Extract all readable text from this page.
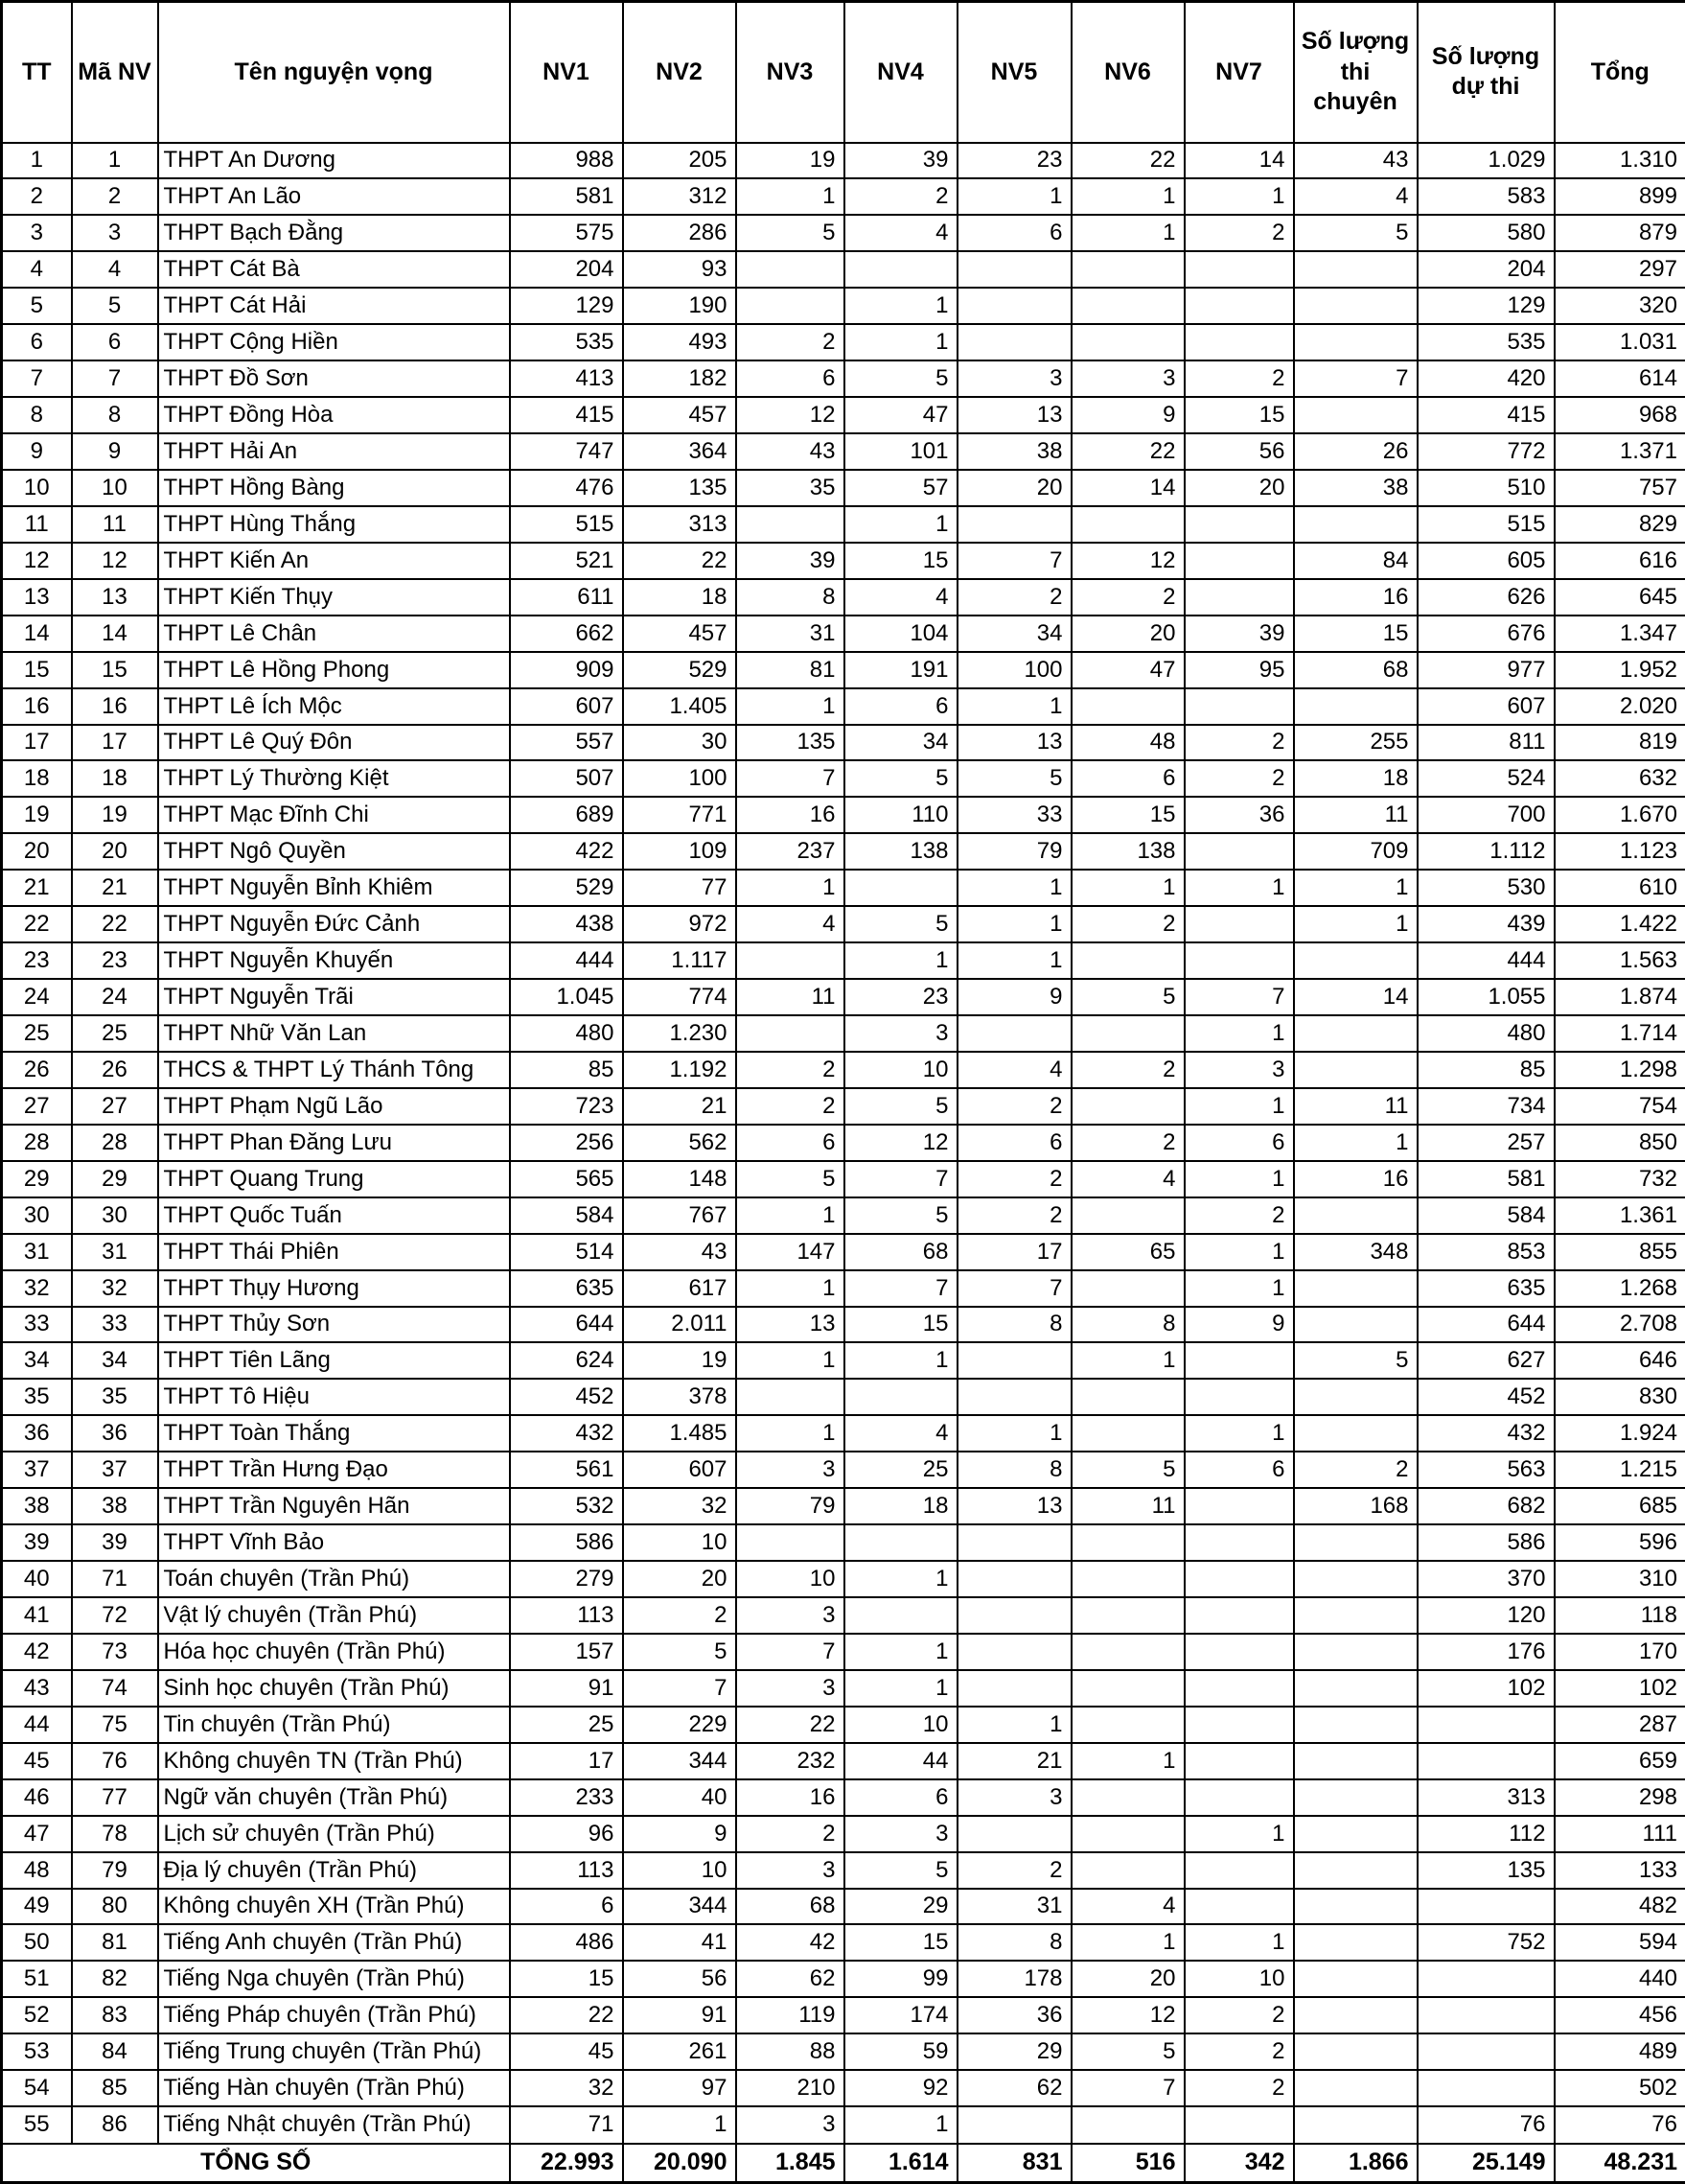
TT	Mã NV	Tên nguyện vọng	NV1	NV2	NV3	NV4	NV5	NV6	NV7	Số lượng thi chuyên	Số lượng dự thi	Tổng
1	1	THPT An Dương	988	205	19	39	23	22	14	43	1.029	1.310
2	2	THPT An Lão	581	312	1	2	1	1	1	4	583	899
3	3	THPT Bạch Đằng	575	286	5	4	6	1	2	5	580	879
4	4	THPT Cát Bà	204	93							204	297
5	5	THPT Cát Hải	129	190		1					129	320
6	6	THPT Cộng Hiền	535	493	2	1					535	1.031
7	7	THPT Đồ Sơn	413	182	6	5	3	3	2	7	420	614
8	8	THPT Đồng Hòa	415	457	12	47	13	9	15		415	968
9	9	THPT Hải An	747	364	43	101	38	22	56	26	772	1.371
10	10	THPT Hồng Bàng	476	135	35	57	20	14	20	38	510	757
11	11	THPT Hùng Thắng	515	313		1					515	829
12	12	THPT Kiến An	521	22	39	15	7	12		84	605	616
13	13	THPT Kiến Thụy	611	18	8	4	2	2		16	626	645
14	14	THPT Lê Chân	662	457	31	104	34	20	39	15	676	1.347
15	15	THPT Lê Hồng Phong	909	529	81	191	100	47	95	68	977	1.952
16	16	THPT Lê Ích Mộc	607	1.405	1	6	1				607	2.020
17	17	THPT Lê Quý Đôn	557	30	135	34	13	48	2	255	811	819
18	18	THPT Lý Thường Kiệt	507	100	7	5	5	6	2	18	524	632
19	19	THPT Mạc Đĩnh Chi	689	771	16	110	33	15	36	11	700	1.670
20	20	THPT Ngô Quyền	422	109	237	138	79	138		709	1.112	1.123
21	21	THPT Nguyễn Bỉnh Khiêm	529	77	1		1	1	1	1	530	610
22	22	THPT Nguyễn Đức Cảnh	438	972	4	5	1	2		1	439	1.422
23	23	THPT Nguyễn Khuyến	444	1.117		1	1				444	1.563
24	24	THPT Nguyễn Trãi	1.045	774	11	23	9	5	7	14	1.055	1.874
25	25	THPT Nhữ Văn Lan	480	1.230		3			1		480	1.714
26	26	THCS & THPT Lý Thánh Tông	85	1.192	2	10	4	2	3		85	1.298
27	27	THPT Phạm Ngũ Lão	723	21	2	5	2		1	11	734	754
28	28	THPT Phan Đăng Lưu	256	562	6	12	6	2	6	1	257	850
29	29	THPT Quang Trung	565	148	5	7	2	4	1	16	581	732
30	30	THPT Quốc Tuấn	584	767	1	5	2		2		584	1.361
31	31	THPT Thái Phiên	514	43	147	68	17	65	1	348	853	855
32	32	THPT Thụy Hương	635	617	1	7	7		1		635	1.268
33	33	THPT Thủy Sơn	644	2.011	13	15	8	8	9		644	2.708
34	34	THPT Tiên Lãng	624	19	1	1		1		5	627	646
35	35	THPT Tô Hiệu	452	378							452	830
36	36	THPT Toàn Thắng	432	1.485	1	4	1		1		432	1.924
37	37	THPT Trần Hưng Đạo	561	607	3	25	8	5	6	2	563	1.215
38	38	THPT Trần Nguyên Hãn	532	32	79	18	13	11		168	682	685
39	39	THPT Vĩnh Bảo	586	10							586	596
40	71	Toán chuyên (Trần Phú)	279	20	10	1					370	310
41	72	Vật lý chuyên (Trần Phú)	113	2	3						120	118
42	73	Hóa học chuyên (Trần Phú)	157	5	7	1					176	170
43	74	Sinh học chuyên (Trần Phú)	91	7	3	1					102	102
44	75	Tin chuyên (Trần Phú)	25	229	22	10	1					287
45	76	Không chuyên TN (Trần Phú)	17	344	232	44	21	1				659
46	77	Ngữ văn chuyên (Trần Phú)	233	40	16	6	3				313	298
47	78	Lịch sử chuyên (Trần Phú)	96	9	2	3			1		112	111
48	79	Địa lý chuyên (Trần Phú)	113	10	3	5	2				135	133
49	80	Không chuyên XH (Trần Phú)	6	344	68	29	31	4				482
50	81	Tiếng Anh chuyên (Trần Phú)	486	41	42	15	8	1	1		752	594
51	82	Tiếng Nga chuyên (Trần Phú)	15	56	62	99	178	20	10			440
52	83	Tiếng Pháp chuyên (Trần Phú)	22	91	119	174	36	12	2			456
53	84	Tiếng Trung chuyên (Trần Phú)	45	261	88	59	29	5	2			489
54	85	Tiếng Hàn chuyên (Trần Phú)	32	97	210	92	62	7	2			502
55	86	Tiếng Nhật chuyên (Trần Phú)	71	1	3	1					76	76
TỔNG SỐ			22.993	20.090	1.845	1.614	831	516	342	1.866	25.149	48.231
